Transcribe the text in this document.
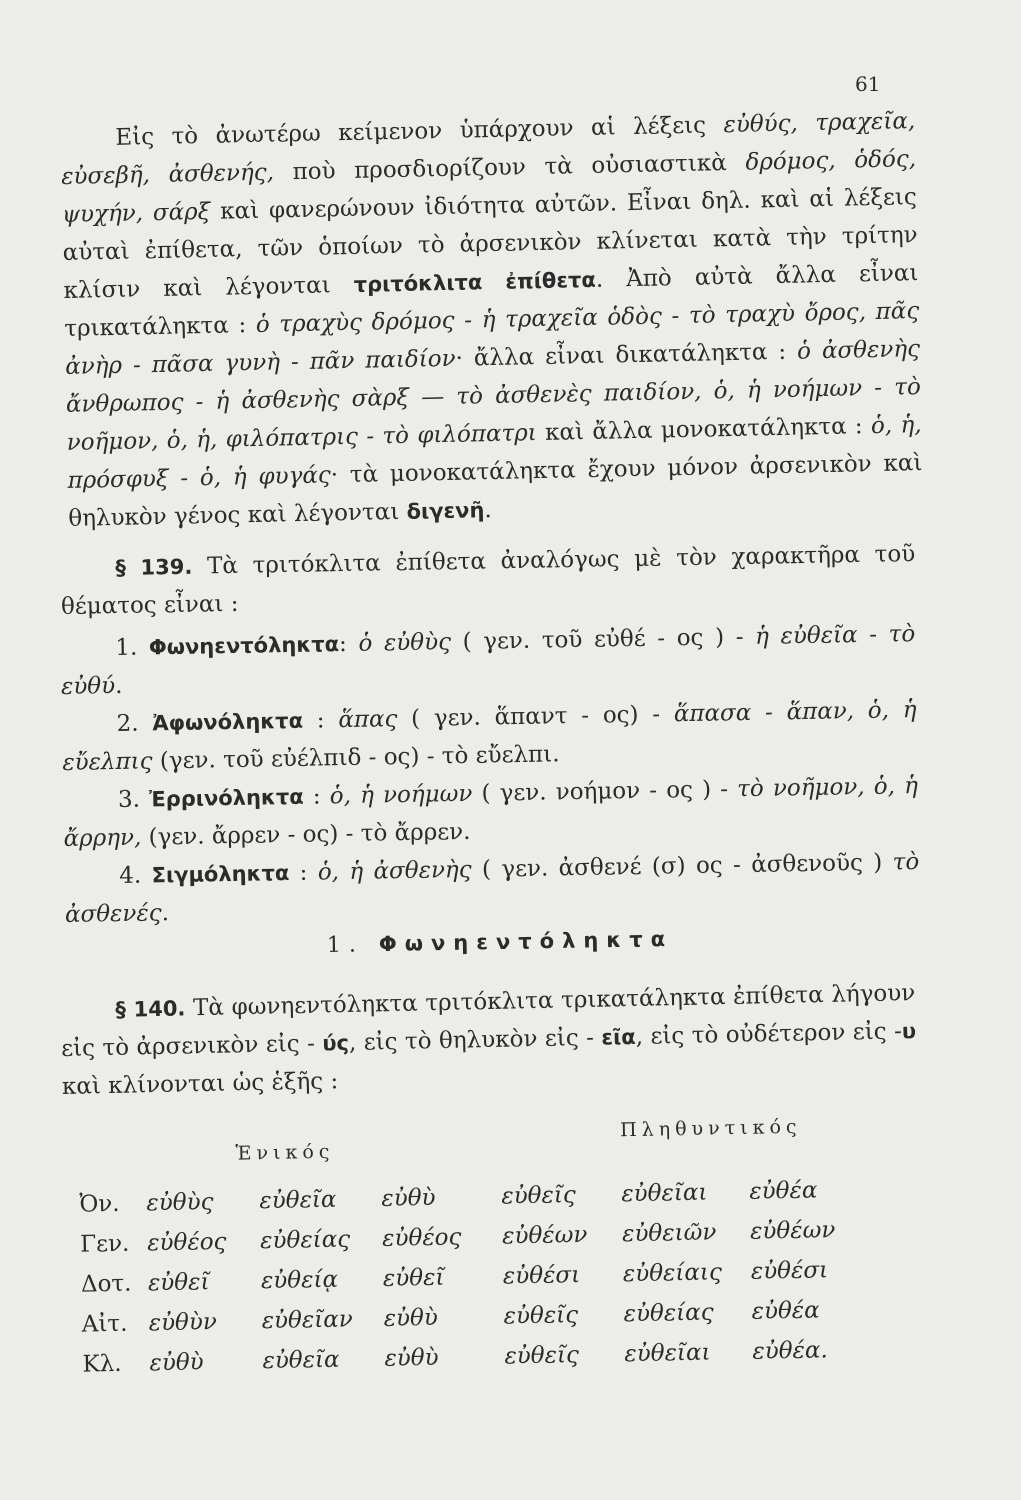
61

Εἰς τὸ ἀνωτέρω κείμενον ὑπάρχουν αἱ λέξεις εὐθύς, τραχεῖα, εὐσεβῆ, ἀσθενής, ποὺ προσδιορίζουν τὰ οὐσιαστικὰ δρόμος, ὁδός, ψυχήν, σάρξ καὶ φανερώνουν ἰδιότητα αὐτῶν. Εἶναι δηλ. καὶ αἱ λέξεις αὐταὶ ἐπίθετα, τῶν ὁποίων τὸ ἀρσενικὸν κλίνεται κατὰ τὴν τρίτην κλίσιν καὶ λέγονται τριτόκλιτα ἐπίθετα. Ἀπὸ αὐτὰ ἄλλα εἶναι τρικατάληκτα : ὁ τραχὺς δρόμος - ἡ τραχεῖα ὁδὸς - τὸ τραχὺ ὄρος, πᾶς ἀνὴρ - πᾶσα γυνὴ - πᾶν παιδίον· ἄλλα εἶναι δικατάληκτα : ὁ ἀσθενὴς ἄνθρωπος - ἡ ἀσθενὴς σὰρξ — τὸ ἀσθενὲς παιδίον, ὁ, ἡ νοήμων - τὸ νοῆμον, ὁ, ἡ, φιλόπατρις - τὸ φιλόπατρι καὶ ἄλλα μονοκατάληκτα : ὁ, ἡ, πρόσφυξ - ὁ, ἡ φυγάς· τὰ μονοκατάληκτα ἔχουν μόνον ἀρσενικὸν καὶ θηλυκὸν γένος καὶ λέγονται διγενῆ.

§ 139. Τὰ τριτόκλιτα ἐπίθετα ἀναλόγως μὲ τὸν χαρακτῆρα τοῦ θέματος εἶναι :

1. Φωνηεντόληκτα: ὁ εὐθὺς ( γεν. τοῦ εὐθέ - ος ) - ἡ εὐθεῖα - τὸ εὐθύ.

2. Ἀφωνόληκτα : ἅπας ( γεν. ἅπαντ - ος) - ἅπασα - ἅπαν, ὁ, ἡ εὔελπις (γεν. τοῦ εὐέλπιδ - ος) - τὸ εὔελπι.

3. Ἐρρινόληκτα : ὁ, ἡ νοήμων ( γεν. νοήμον - ος ) - τὸ νοῆμον, ὁ, ἡ ἄρρην, (γεν. ἄρρεν - ος) - τὸ ἄρρεν.

4. Σιγμόληκτα : ὁ, ἡ ἀσθενὴς ( γεν. ἀσθενέ (σ) ος - ἀσθενοῦς ) τὸ ἀσθενές.

1. Φωνηεντόληκτα

§ 140. Τὰ φωνηεντόληκτα τριτόκλιτα τρικατάληκτα ἐπίθετα λήγουν εἰς τὸ ἀρσενικὸν εἰς - ύς, εἰς τὸ θηλυκὸν εἰς - εῖα, εἰς τὸ οὐδέτερον εἰς -υ καὶ κλίνονται ὡς ἑξῆς :

Ἑνικός
Πληθυντικός
Ὀν. εὐθὺς εὐθεῖα εὐθὺ	εὐθεῖς εὐθεῖαι εὐθέα
Γεν. εὐθέος εὐθείας εὐθέος εὐθέων εὐθειῶν εὐθέων
Δοτ. εὐθεῖ εὐθείᾳ εὐθεῖ	εὐθέσι εὐθείαις εὐθέσι
Αἰτ. εὐθὺν εὐθεῖαν εὐθὺ	εὐθεῖς εὐθείας εὐθέα
Κλ. εὐθὺ	εὐθεῖα εὐθὺ	εὐθεῖς εὐθεῖαι εὐθέα.
